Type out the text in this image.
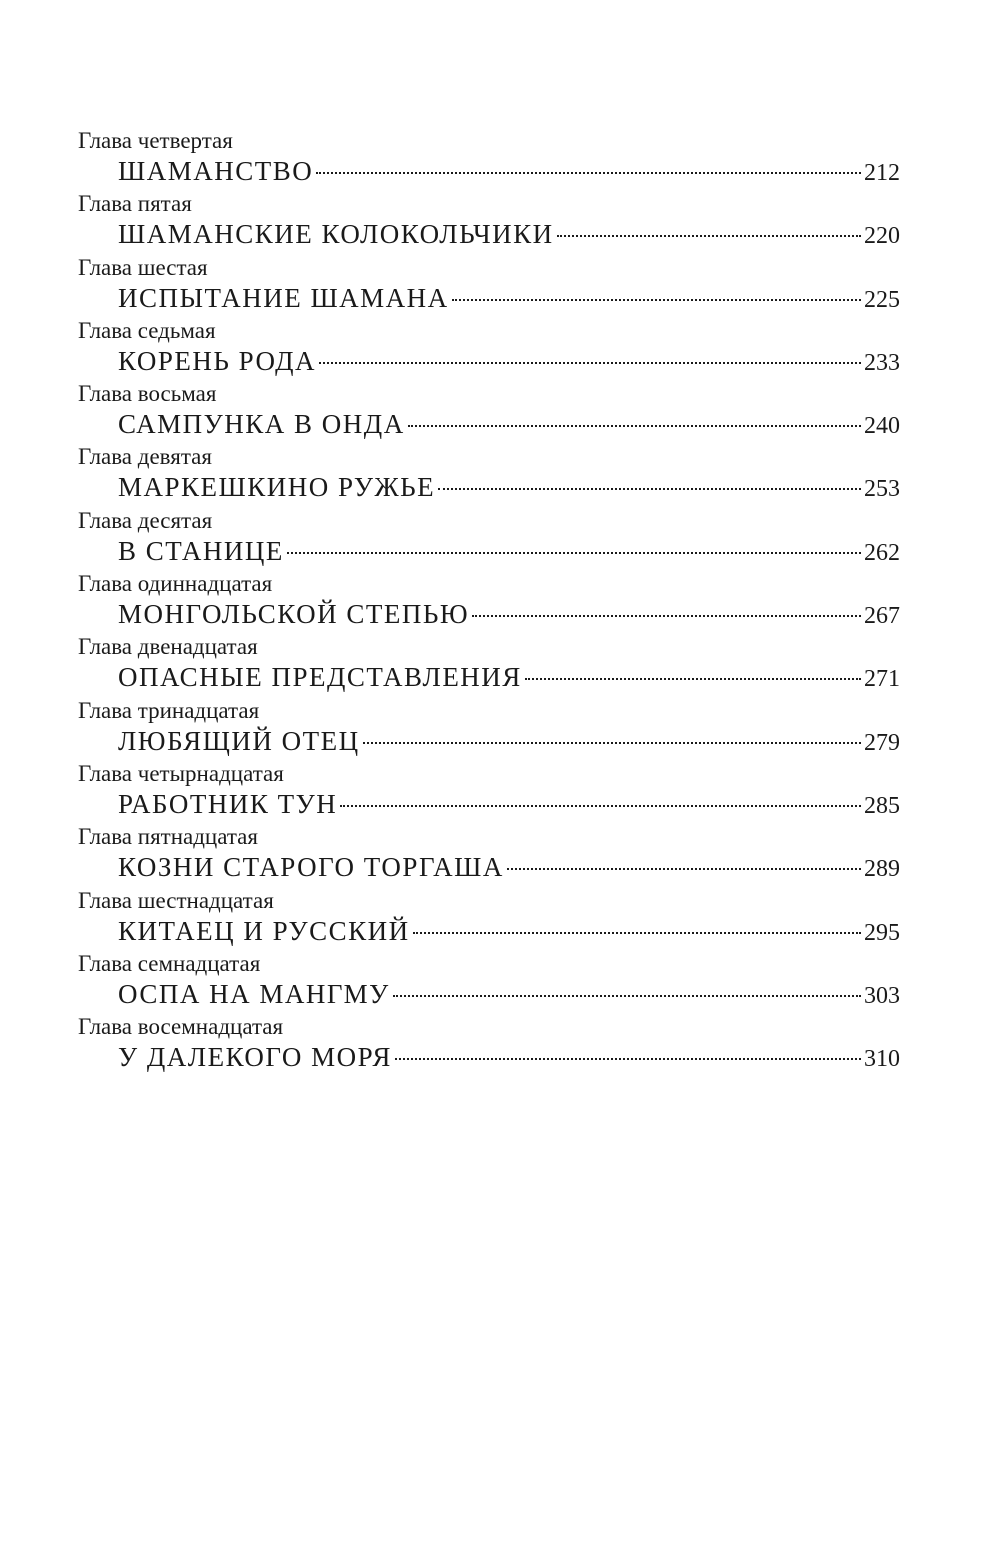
Глава четвертая
ШАМАНСТВО	212
Глава пятая
ШАМАНСКИЕ КОЛОКОЛЬЧИКИ	220
Глава шестая
ИСПЫТАНИЕ ШАМАНА	225
Глава седьмая
КОРЕНЬ РОДА	233
Глава восьмая
САМПУНКА В ОНДА	240
Глава девятая
МАРКЕШКИНО РУЖЬЕ	253
Глава десятая
В СТАНИЦЕ	262
Глава одиннадцатая
МОНГОЛЬСКОЙ СТЕПЬЮ	267
Глава двенадцатая
ОПАСНЫЕ ПРЕДСТАВЛЕНИЯ	271
Глава тринадцатая
ЛЮБЯЩИЙ ОТЕЦ	279
Глава четырнадцатая
РАБОТНИК ТУН	285
Глава пятнадцатая
КОЗНИ СТАРОГО ТОРГАША	289
Глава шестнадцатая
КИТАЕЦ И РУССКИЙ	295
Глава семнадцатая
ОСПА НА МАНГМУ	303
Глава восемнадцатая
У ДАЛЕКОГО МОРЯ	310
